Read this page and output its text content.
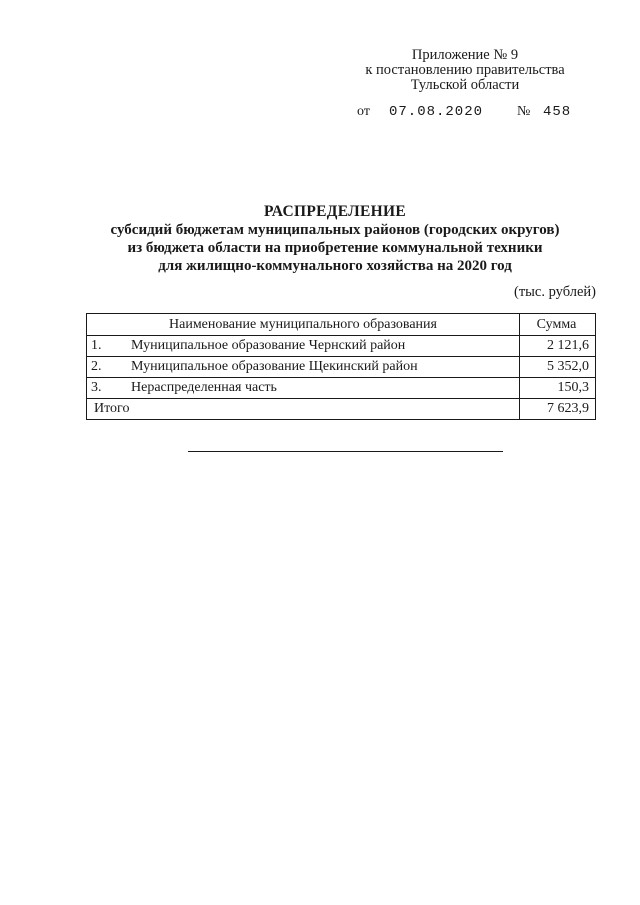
Приложение № 9
к постановлению правительства
Тульской области
от 07.08.2020 № 458
РАСПРЕДЕЛЕНИЕ
субсидий бюджетам муниципальных районов (городских округов)
из бюджета области на приобретение коммунальной техники
для жилищно-коммунального хозяйства на 2020 год
(тыс. рублей)
Наименование муниципального образования	Сумма
1. Муниципальное образование Чернский район	2 121,6
2. Муниципальное образование Щекинский район	5 352,0
3. Нераспределенная часть	150,3
Итого	7 623,9
